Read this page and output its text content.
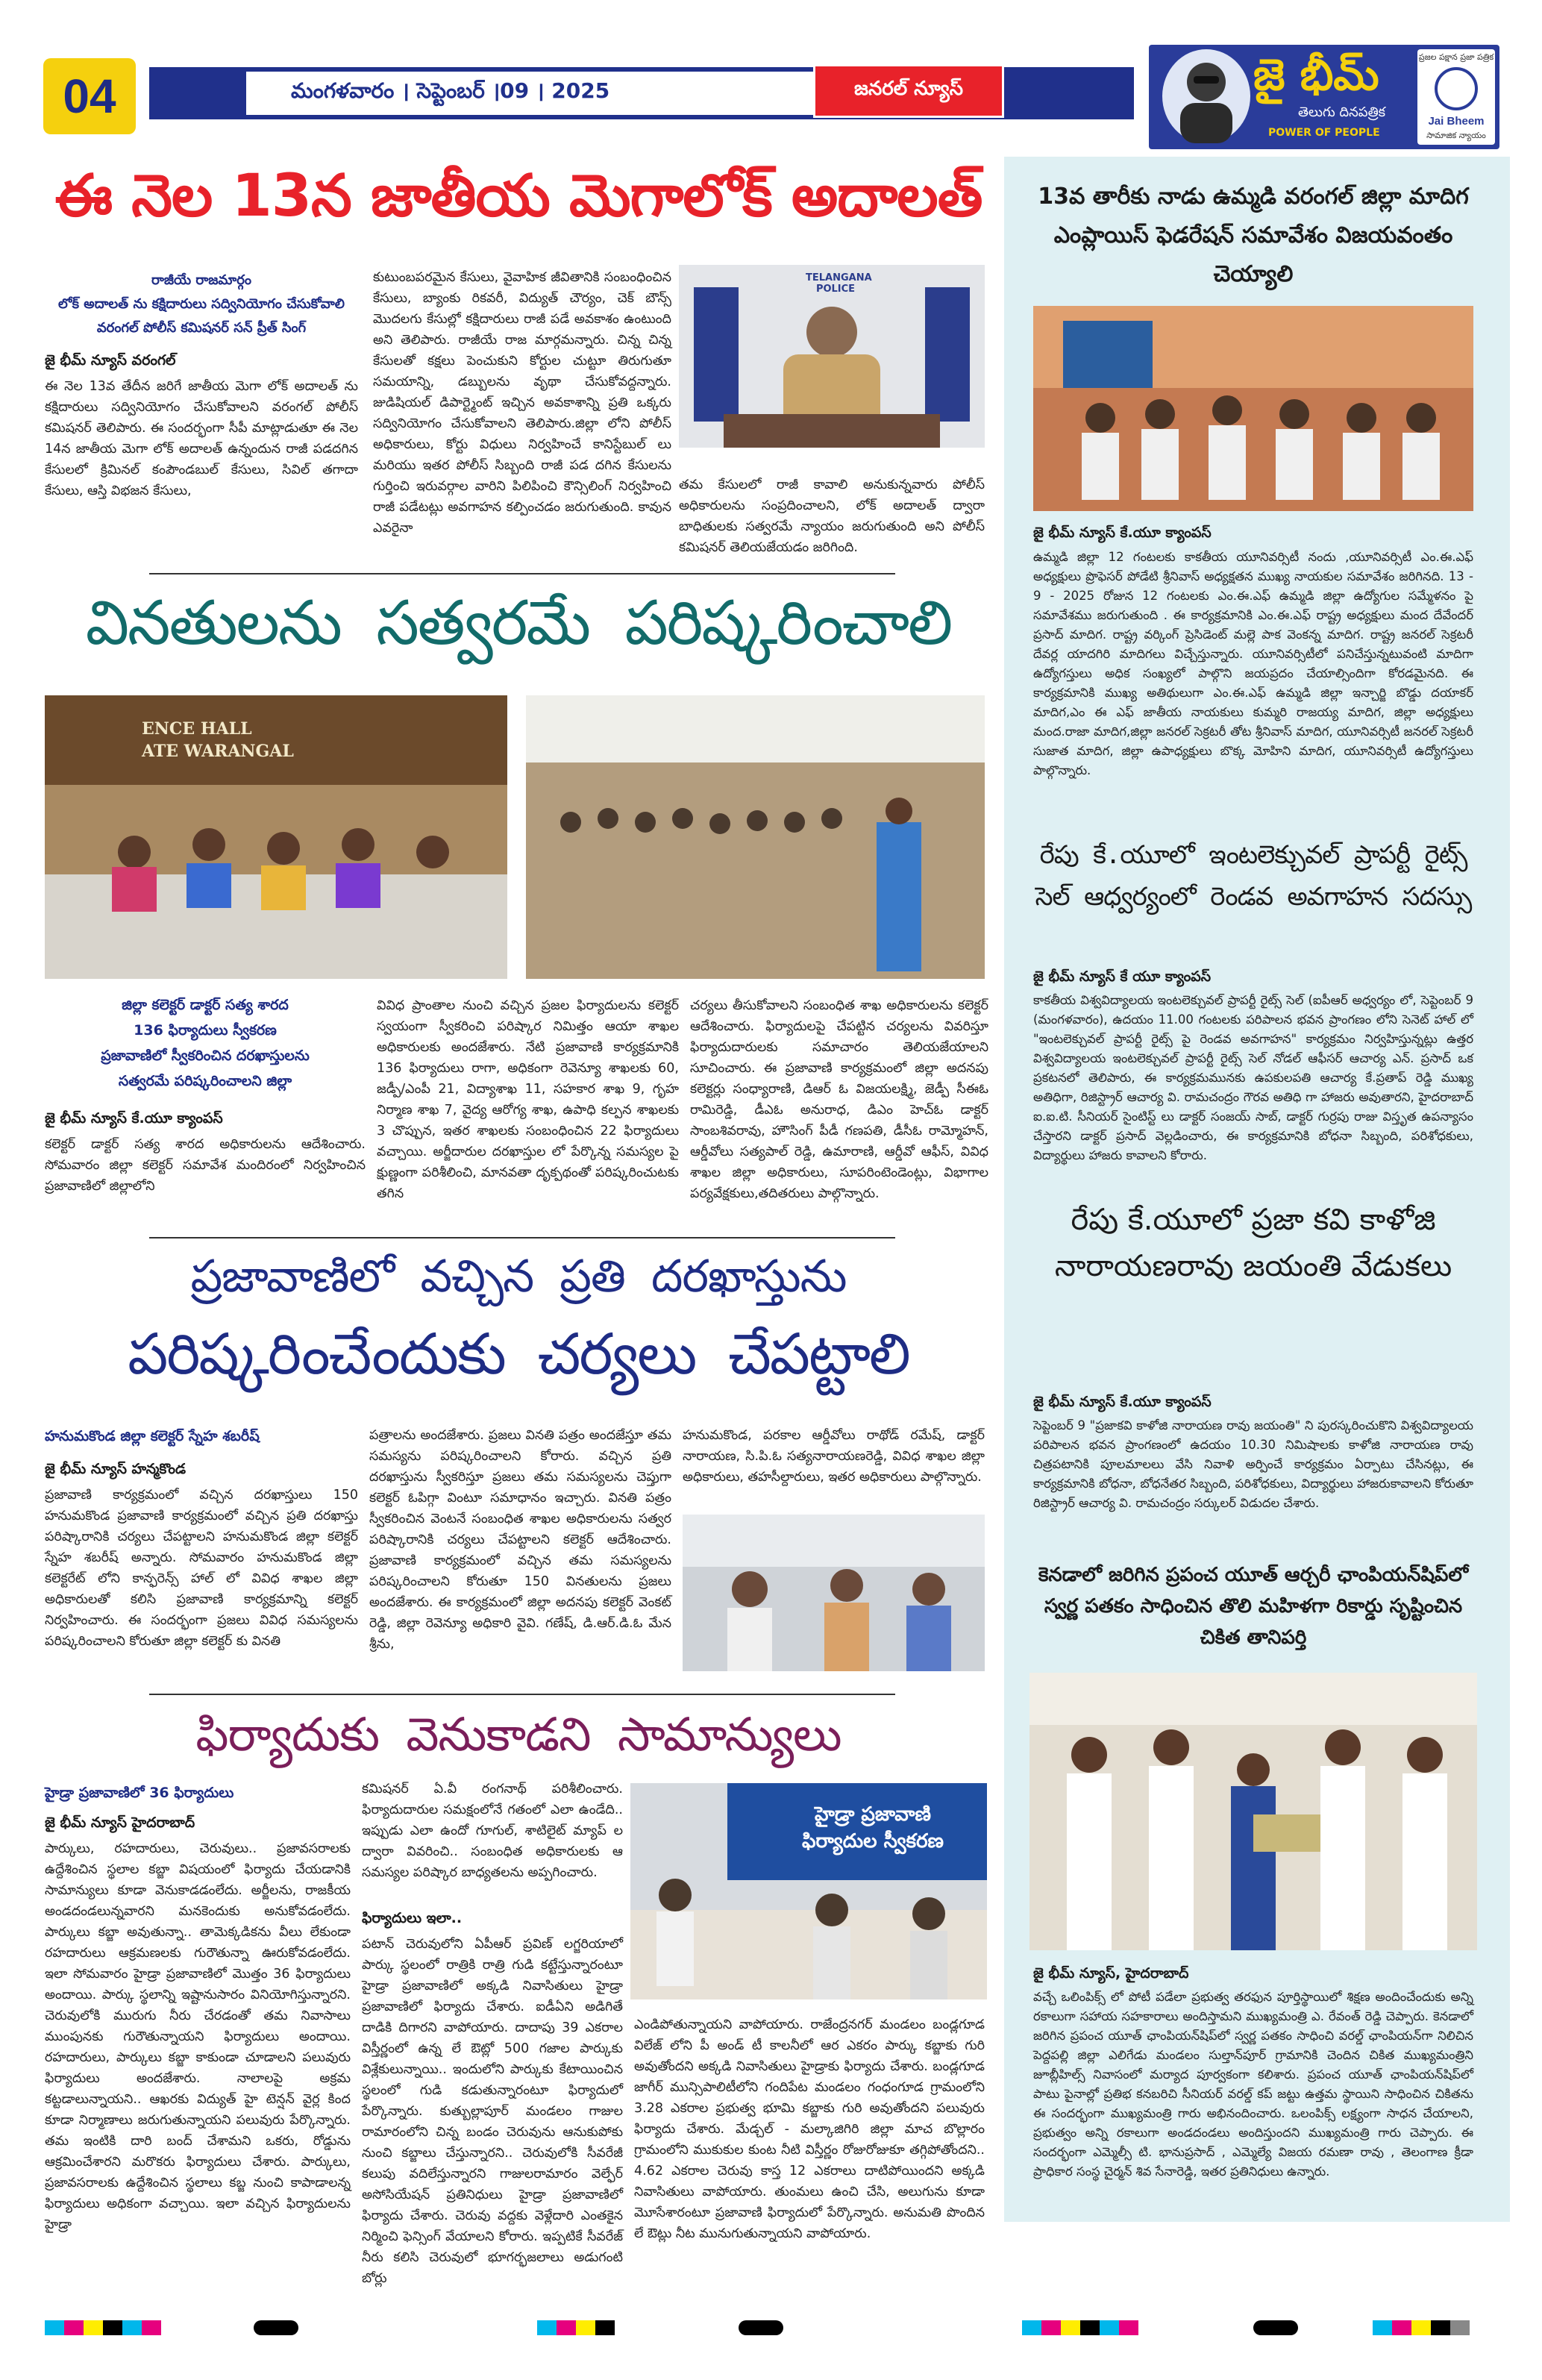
04	మంగళవారం । సెప్టెంబర్ ।09 । 2025	జనరల్ న్యూస్	జై భీమ్
తెలుగు దినపత్రిక
POWER OF PEOPLE
ప్రజల పక్షాన ప్రజా పత్రిక
Jai Bheem
సామాజిక న్యాయం
ఈ నెల 13న జాతీయ మెగాలోక్ అదాలత్
రాజీయే రాజమార్గం
లోక్ అదాలత్ ను కక్షిదారులు సద్వినియోగం చేసుకోవాలి
వరంగల్ పోలీస్ కమిషనర్ సన్ ప్రీత్ సింగ్
జై భీమ్ న్యూస్ వరంగల్
ఈ నెల 13వ తేదీన జరిగే జాతీయ మెగా లోక్ అదాలత్ ను కక్షిదారులు సద్వినియోగం చేసుకోవాలని వరంగల్ పోలీస్ కమిషనర్ తెలిపారు. ఈ సందర్భంగా సీపీ మాట్లాడుతూ ఈ నెల 14న జాతీయ మెగా లోక్ అదాలత్ ఉన్నందున రాజీ పడదగిన కేసులలో క్రిమినల్ కంపౌండబుల్ కేసులు, సివిల్ తగాదా కేసులు, ఆస్తి విభజన కేసులు,
కుటుంబపరమైన కేసులు, వైవాహిక జీవితానికి సంబంధించిన కేసులు, బ్యాంకు రికవరీ, విద్యుత్ చౌర్యం, చెక్ బౌన్స్ మొదలగు కేసుల్లో కక్షిదారులు రాజీ పడే అవకాశం ఉంటుంది అని తెలిపారు. రాజీయే రాజ మార్గమన్నారు. చిన్న చిన్న కేసులతో కక్షలు పెంచుకుని కోర్టుల చుట్టూ తిరుగుతూ సమయాన్ని, డబ్బులను వృథా చేసుకోవద్దన్నారు. జుడిషియల్ డిపార్ట్మెంట్ ఇచ్చిన అవకాశాన్ని ప్రతి ఒక్కరు సద్వినియోగం చేసుకోవాలని తెలిపారు.జిల్లా లోని పోలీస్ అధికారులు, కోర్టు విధులు నిర్వహించే కానిస్టేబుల్ లు మరియు ఇతర పోలీస్ సిబ్బంది రాజీ పడ దగిన కేసులను గుర్తించి ఇరువర్గాల వారిని పిలిపించి కౌన్సిలింగ్ నిర్వహించి రాజీ పడేటట్లు అవగాహన కల్పించడం జరుగుతుంది. కావున ఎవరైనా
TELANGANA POLICE
తమ కేసులలో రాజీ కావాలి అనుకున్నవారు పోలీస్ అధికారులను సంప్రదించాలని, లోక్ అదాలత్ ద్వారా బాధితులకు సత్వరమే న్యాయం జరుగుతుంది అని పోలీస్ కమిషనర్ తెలియజేయడం జరిగింది.
వినతులను సత్వరమే పరిష్కరించాలి
ENCE HALL
ATE WARANGAL
జిల్లా కలెక్టర్ డాక్టర్ సత్య శారద
136 ఫిర్యాదులు స్వీకరణ
ప్రజావాణిలో స్వీకరించిన దరఖాస్తులను
సత్వరమే పరిష్కరించాలని జిల్లా
జై భీమ్ న్యూస్ కే.యూ క్యాంపస్
కలెక్టర్ డాక్టర్ సత్య శారద అధికారులను ఆదేశించారు. సోమవారం జిల్లా కలెక్టర్ సమావేశ మందిరంలో నిర్వహించిన ప్రజావాణిలో జిల్లాలోని
వివిధ ప్రాంతాల నుంచి వచ్చిన ప్రజల ఫిర్యాదులను కలెక్టర్ స్వయంగా స్వీకరించి పరిష్కార నిమిత్తం ఆయా శాఖల అధికారులకు అందజేశారు. నేటి ప్రజావాణి కార్యక్రమానికి 136 ఫిర్యాదులు రాగా, అధికంగా రెవెన్యూ శాఖలకు 60, జడ్పీ/ఎంపీ 21, విద్యాశాఖ 11, సహకార శాఖ 9, గృహ నిర్మాణ శాఖ 7, వైద్య ఆరోగ్య శాఖ, ఉపాధి కల్పన శాఖలకు 3 చొప్పున, ఇతర శాఖలకు సంబంధించిన 22 ఫిర్యాదులు వచ్చాయి. అర్జీదారుల దరఖాస్తుల లో పేర్కొన్న సమస్యల పై క్షుణ్ణంగా పరిశీలించి, మానవతా దృక్పథంతో పరిష్కరించుటకు తగిన
చర్యలు తీసుకోవాలని సంబంధిత శాఖ అధికారులను కలెక్టర్ ఆదేశించారు. ఫిర్యాదులపై చేపట్టిన చర్యలను వివరిస్తూ ఫిర్యాదుదారులకు సమాచారం తెలియజేయాలని సూచించారు. ఈ ప్రజావాణి కార్యక్రమంలో జిల్లా అదనపు కలెక్టర్లు సంధ్యారాణి, డిఆర్ ఓ విజయలక్ష్మి, జెడ్పీ సీఈఓ రామిరెడ్డి, డీఎఓ అనురాధ, డిఎం హెచ్ఓ డాక్టర్ సాంబశివరావు, హౌసింగ్ పీడీ గణపతి, డీసీఓ రామ్మోహన్, ఆర్డీవోలు సత్యపాల్ రెడ్డి, ఉమారాణి, ఆర్డీవో ఆఫీస్, వివిధ శాఖల జిల్లా అధికారులు, సూపరింటెండెంట్లు, విభాగాల పర్యవేక్షకులు,తదితరులు పాల్గొన్నారు.
ప్రజావాణిలో వచ్చిన ప్రతి దరఖాస్తును
పరిష్కరించేందుకు చర్యలు చేపట్టాలి
హనుమకొండ జిల్లా కలెక్టర్ స్నేహ శబరీష్
జై భీమ్ న్యూస్ హన్మకొండ
ప్రజావాణి కార్యక్రమంలో వచ్చిన దరఖాస్తులు 150 హనుమకొండ ప్రజావాణి కార్యక్రమంలో వచ్చిన ప్రతి దరఖాస్తు పరిష్కారానికి చర్యలు చేపట్టాలని హనుమకొండ జిల్లా కలెక్టర్ స్నేహ శబరీష్ అన్నారు. సోమవారం హనుమకొండ జిల్లా కలెక్టరేట్ లోని కాన్ఫరెన్స్ హాల్ లో వివిధ శాఖల జిల్లా అధికారులతో కలిసి ప్రజావాణి కార్యక్రమాన్ని కలెక్టర్ నిర్వహించారు. ఈ సందర్భంగా ప్రజలు వివిధ సమస్యలను పరిష్కరించాలని కోరుతూ జిల్లా కలెక్టర్ కు వినతి
పత్రాలను అందజేశారు. ప్రజలు వినతి పత్రం అందజేస్తూ తమ సమస్యను పరిష్కరించాలని కోరారు. వచ్చిన ప్రతి దరఖాస్తును స్వీకరిస్తూ ప్రజలు తమ సమస్యలను చెప్తుగా కలెక్టర్ ఓపిగ్గా వింటూ సమాధానం ఇచ్చారు. వినతి పత్రం స్వీకరించిన వెంటనే సంబంధిత శాఖల అధికారులను సత్వర పరిష్కారానికి చర్యలు చేపట్టాలని కలెక్టర్ ఆదేశించారు. ప్రజావాణి కార్యక్రమంలో వచ్చిన తమ సమస్యలను పరిష్కరించాలని కోరుతూ 150 వినతులను ప్రజలు అందజేశారు. ఈ కార్యక్రమంలో జిల్లా అదనపు కలెక్టర్ వెంకట్ రెడ్డి, జిల్లా రెవెన్యూ అధికారి వైవి. గణేష్, డి.ఆర్.డి.ఓ మేన శ్రీను,
హనుమకొండ, పరకాల ఆర్డీవోలు రాథోడ్ రమేష్, డాక్టర్ నారాయణ, సి.పి.ఓ సత్యనారాయణరెడ్డి, వివిధ శాఖల జిల్లా అధికారులు, తహసీల్దారులు, ఇతర అధికారులు పాల్గొన్నారు.
ఫిర్యాదుకు వెనుకాడని సామాన్యులు
హైడ్రా ప్రజావాణిలో 36 ఫిర్యాదులు
జై భీమ్ న్యూస్ హైదరాబాద్
పార్కులు, రహదారులు, చెరువులు.. ప్రజావసరాలకు ఉద్దేశించిన స్థలాల కబ్జా విషయంలో ఫిర్యాదు చేయడానికి సామాన్యులు కూడా వెనుకాడడంలేదు. అర్జీలను, రాజకీయ అండదండలున్నవారని మనకెందుకు అనుకోవడంలేదు. పార్కులు కబ్జా అవుతున్నా.. తామెక్కడికను వీలు లేకుండా రహదారులు ఆక్రమణలకు గురౌతున్నా ఊరుకోవడంలేదు. ఇలా సోమవారం హైడ్రా ప్రజావాణిలో మొత్తం 36 ఫిర్యాదులు అందాయి. పార్కు స్థలాన్ని ఇష్టానుసారం వినియోగిస్తున్నారని. చెరువులోకి మురుగు నీరు చేరడంతో తమ నివాసాలు ముంపునకు గురౌతున్నాయని ఫిర్యాదులు అందాయి. రహదారులు, పార్కులు కబ్జా కాకుండా చూడాలని పలువురు ఫిర్యాదులు అందజేశారు. నాలాలపై అక్రమ కట్టడాలున్నాయని.. ఆఖరకు విద్యుత్ హై టెన్షన్ వైర్ల కింద కూడా నిర్మాణాలు జరుగుతున్నాయని పలువురు పేర్కొన్నారు. తమ ఇంటికి దారి బంద్ చేశామని ఒకరు, రోడ్డును ఆక్రమించేశారని మరొకరు ఫిర్యాదులు చేశారు. పార్కులు, ప్రజావసరాలకు ఉద్దేశించిన స్థలాలు కబ్జ నుంచి కాపాడాలన్న ఫిర్యాదులు అధికంగా వచ్చాయి. ఇలా వచ్చిన ఫిర్యాదులను హైడ్రా
కమిషనర్ ఏ.వీ రంగనాథ్ పరిశీలించారు. ఫిర్యాదుదారుల సమక్షంలోనే గతంలో ఎలా ఉండేది.. ఇప్పుడు ఎలా ఉందో గూగుల్, శాటిలైట్ మ్యాప్ ల ద్వారా వివరించి.. సంబంధిత అధికారులకు ఆ సమస్యల పరిష్కార బాధ్యతలను అప్పగించారు.
ఫిర్యాదులు ఇలా..
పటాన్ చెరువులోని ఏపీఆర్ ప్రవిణ్ లగ్జరియాలో పార్కు స్థలంలో రాత్రికి రాత్రి గుడి కట్టేస్తున్నారంటూ హైడ్రా ప్రజావాణిలో అక్కడి నివాసితులు హైడ్రా ప్రజావాణిలో ఫిర్యాదు చేశారు. ఐడీఏని అడిగితే దాడికి దిగారని వాపోయారు. దాదాపు 39 ఎకరాల విస్తీర్ణంలో ఉన్న లే ఔట్లో 500 గజాల పార్కుకు విశ్లేకులున్నాయి.. ఇందులోని పార్కుకు కేటాయించిన స్థలంలో గుడి కడుతున్నారంటూ ఫిర్యాదులో పేర్కొన్నారు. కుత్బుల్లాపూర్ మండలం గాజుల రామారంలోని చిన్న బండం చెరువును ఆనుకుపోకు నుంచి కబ్జాలు చేస్తున్నారని.. చెరువులోకి సీవరేజీ కలుపు వదిలేస్తున్నారని గాజులరామారం వెల్ఫేర్ అసోసియేషన్ ప్రతినిధులు హైడ్రా ప్రజావాణిలో ఫిర్యాదు చేశారు. చెరువు వద్దకు వెళ్లేదారి ఎంతకైన నిర్మించి ఫెన్సింగ్ వేయాలని కోరారు. ఇప్పటికే సీవరేజ్ నీరు కలిసి చెరువులో భూగర్భజలాలు అడుగంటి బోర్లు
హైడ్రా ప్రజావాణి
ఫిర్యాదుల స్వీకరణ
ఎండిపోతున్నాయని వాపోయారు. రాజేంద్రనగర్ మండలం బండ్లగూడ విలేజ్ లోని పీ అండ్ టీ కాలనీలో ఆర ఎకరం పార్కు కబ్జాకు గురి అవుతోందని అక్కడి నివాసితులు హైడ్రాకు ఫిర్యాదు చేశారు. బండ్లగూడ జాగీర్ మున్సిపాలిటీలోని గందిపేట మండలం గంధంగూడ గ్రామంలోని 3.28 ఎకరాల ప్రభుత్వ భూమి కబ్జాకు గురి అవుతోందని పలువురు ఫిర్యాదు చేశారు. మేడ్చల్ - మల్కాజిగిరి జిల్లా మాచ బొల్లారం గ్రామంలోని ముకుకుల కుంట నీటి విస్తీర్ణం రోజురోజుకూ తగ్గిపోతోందని.. 4.62 ఎకరాల చెరువు కాస్త 12 ఎకరాలు దాటిపోయిందని అక్కడి నివాసితులు వాపోయారు. తుంమలు ఉంచి చేసి, అలుగును కూడా మెూసేశారంటూ ప్రజావాణి ఫిర్యాదులో పేర్కొన్నారు. అనుమతి పొందిన లే ఔట్లు నీట మునుగుతున్నాయని వాపోయారు.
13వ తారీకు నాడు ఉమ్మడి వరంగల్ జిల్లా మాదిగ ఎంప్లాయిస్ ఫెడరేషన్ సమావేశం విజయవంతం చెయ్యాలి
జై భీమ్ న్యూస్ కే.యూ క్యాంపస్
ఉమ్మడి జిల్లా 12 గంటలకు కాకతీయ యూనివర్సిటీ నందు ,యూనివర్సిటీ ఎం.ఈ.ఎఫ్ అధ్యక్షులు ప్రొఫెసర్ పోడేటి శ్రీనివాస్ అధ్యక్షతన ముఖ్య నాయకుల సమావేశం జరిగినది. 13 - 9 - 2025 రోజున 12 గంటలకు ఎం.ఈ.ఎఫ్ ఉమ్మడి జిల్లా ఉద్యోగుల సమ్మేళనం పై సమావేశము జరుగుతుంది . ఈ కార్యక్రమానికి ఎం.ఈ.ఎఫ్ రాష్ట్ర అధ్యక్షులు మంద దేవేందర్ ప్రసాద్ మాదిగ. రాష్ట్ర వర్కింగ్ ప్రెసిడెంట్ మల్లె పాక వెంకన్న మాదిగ. రాష్ట్ర జనరల్ సెక్రటరీ దేవర్ల యాదగిరి మాదిగలు విచ్చేస్తున్నారు. యూనివర్సిటీలో పనిచేస్తున్నటువంటి మాదిగా ఉద్యోగస్తులు అధిక సంఖ్యలో పాల్గొని జయప్రదం చేయాల్సిందిగా కోరడమైనది. ఈ కార్యక్రమానికి ముఖ్య అతిథులుగా ఎం.ఈ.ఎఫ్ ఉమ్మడి జిల్లా ఇన్చార్జి బొడ్డు దయాకర్ మాదిగ,ఎం ఈ ఎఫ్ జాతీయ నాయకులు కుమ్మరి రాజయ్య మాదిగ, జిల్లా అధ్యక్షులు మంద.రాజా మాదిగ,జిల్లా జనరల్ సెక్రటరీ తోట శ్రీనివాస్ మాదిగ, యూనివర్సిటీ జనరల్ సెక్రటరీ సుజాత మాదిగ, జిల్లా ఉపాధ్యక్షులు బొక్క మోహిని మాదిగ, యూనివర్సిటీ ఉద్యోగస్తులు పాల్గొన్నారు.
రేపు కే.యూలో ఇంటలెక్చువల్ ప్రాపర్టీ రైట్స్ సెల్ ఆధ్వర్యంలో రెండవ అవగాహన సదస్సు
జై భీమ్ న్యూస్ కే యూ క్యాంపస్
కాకతీయ విశ్వవిద్యాలయ ఇంటలెక్చువల్ ప్రాపర్టీ రైట్స్ సెల్ (ఐపీఆర్ అధ్వర్యం లో, సెప్టెంబర్ 9 (మంగళవారం), ఉదయం 11.00 గంటలకు పరిపాలన భవన ప్రాంగణం లోని సెనెట్ హాల్ లో "ఇంటలెక్చువల్ ప్రాపర్టీ రైట్స్ పై రెండవ అవగాహన" కార్యక్రమం నిర్వహిస్తున్నట్లు ఉత్తర విశ్వవిద్యాలయ ఇంటలెక్చువల్ ప్రాపర్టీ రైట్స్ సెల్ నోడల్ ఆఫీసర్ ఆచార్య ఎన్. ప్రసాద్ ఒక ప్రకటనలో తెలిపారు, ఈ కార్యక్రమమునకు ఉపకులపతి ఆచార్య కే.ప్రతాప్ రెడ్డి ముఖ్య అతిధిగా, రిజిస్ట్రార్ ఆచార్య వి. రామచంద్రం గౌరవ అతిధి గా హాజరు అవుతారని, హైదరాబాద్ ఐ.ఐ.టి. సీనియర్ సైంటిస్ట్ లు డాక్టర్ సంజయ్ సాబ్, డాక్టర్ గుర్రపు రాజు విస్తృత ఉపన్యాసం చేస్తారని డాక్టర్ ప్రసాద్ వెల్లడించారు, ఈ కార్యక్రమానికి బోధనా సిబ్బంది, పరిశోధకులు, విద్యార్థులు హాజరు కావాలని కోరారు.
రేపు కే.యూలో ప్రజా కవి కాళోజి నారాయణరావు జయంతి వేడుకలు
జై భీమ్ న్యూస్ కే.యూ క్యాంపస్
సెప్టెంబర్ 9 "ప్రజాకవి కాళోజి నారాయణ రావు జయంతి" ని పురస్కరించుకొని విశ్వవిద్యాలయ పరిపాలన భవన ప్రాంగణంలో ఉదయం 10.30 నిమిషాలకు కాళోజి నారాయణ రావు చిత్రపటానికి పూలమాలలు వేసి నివాళి అర్పించే కార్యక్రమం ఏర్పాటు చేసినట్లు, ఈ కార్యక్రమానికి బోధనా, బోధనేతర సిబ్బంది, పరిశోధకులు, విద్యార్థులు హాజరుకావాలని కోరుతూ రిజిస్ట్రార్ ఆచార్య వి. రామచంద్రం సర్కులర్ విడుదల చేశారు.
కెనడాలో జరిగిన ప్రపంచ యూత్ ఆర్చరీ ఛాంపియన్‌షిప్‌లో స్వర్ణ పతకం సాధించిన తొలి మహిళగా రికార్డు సృష్టించిన చికిత తానిపర్తి
జై భీమ్ న్యూస్, హైదరాబాద్
వచ్చే ఒలింపిక్స్ లో పోటీ పడేలా ప్రభుత్వ తరఫున పూర్తిస్థాయిలో శిక్షణ అందించేందుకు అన్ని రకాలుగా సహాయ సహకారాలు అందిస్తామని ముఖ్యమంత్రి ఎ. రేవంత్ రెడ్డి చెప్పారు. కెనడాలో జరిగిన ప్రపంచ యూత్ ఛాంపియన్‌షిప్‌లో స్వర్ణ పతకం సాధించి వరల్డ్ ఛాంపియన్‌గా నిలిచిన పెద్దపల్లి జిల్లా ఎలిగేడు మండలం సుల్తాన్‌పూర్ గ్రామానికి చెందిన చికిత ముఖ్యమంత్రిని జూబ్లీహిల్స్ నివాసంలో మర్యాద పూర్వకంగా కలిశారు. ప్రపంచ యూత్ ఛాంపియన్‌షిప్‌లో పాటు పైనాల్లో ప్రతిభ కనబరిచి సీనియర్ వరల్డ్ కప్ జట్టు ఉత్తమ స్థాయిని సాధించిన చికితను ఈ సందర్భంగా ముఖ్యమంత్రి గారు అభినందించారు. ఒలంపిక్స్ లక్ష్యంగా సాధన చేయాలని, ప్రభుత్వం అన్ని రకాలుగా అండదండలు అందిస్తుందని ముఖ్యమంత్రి గారు చెప్పారు. ఈ సందర్భంగా ఎమ్మెల్సీ టి. భానుప్రసాద్ , ఎమ్మెల్యే విజయ రమణా రావు , తెలంగాణ క్రీడా ప్రాధికార సంస్థ చైర్మన్ శివ సేనారెడ్డి, ఇతర ప్రతినిధులు ఉన్నారు.
